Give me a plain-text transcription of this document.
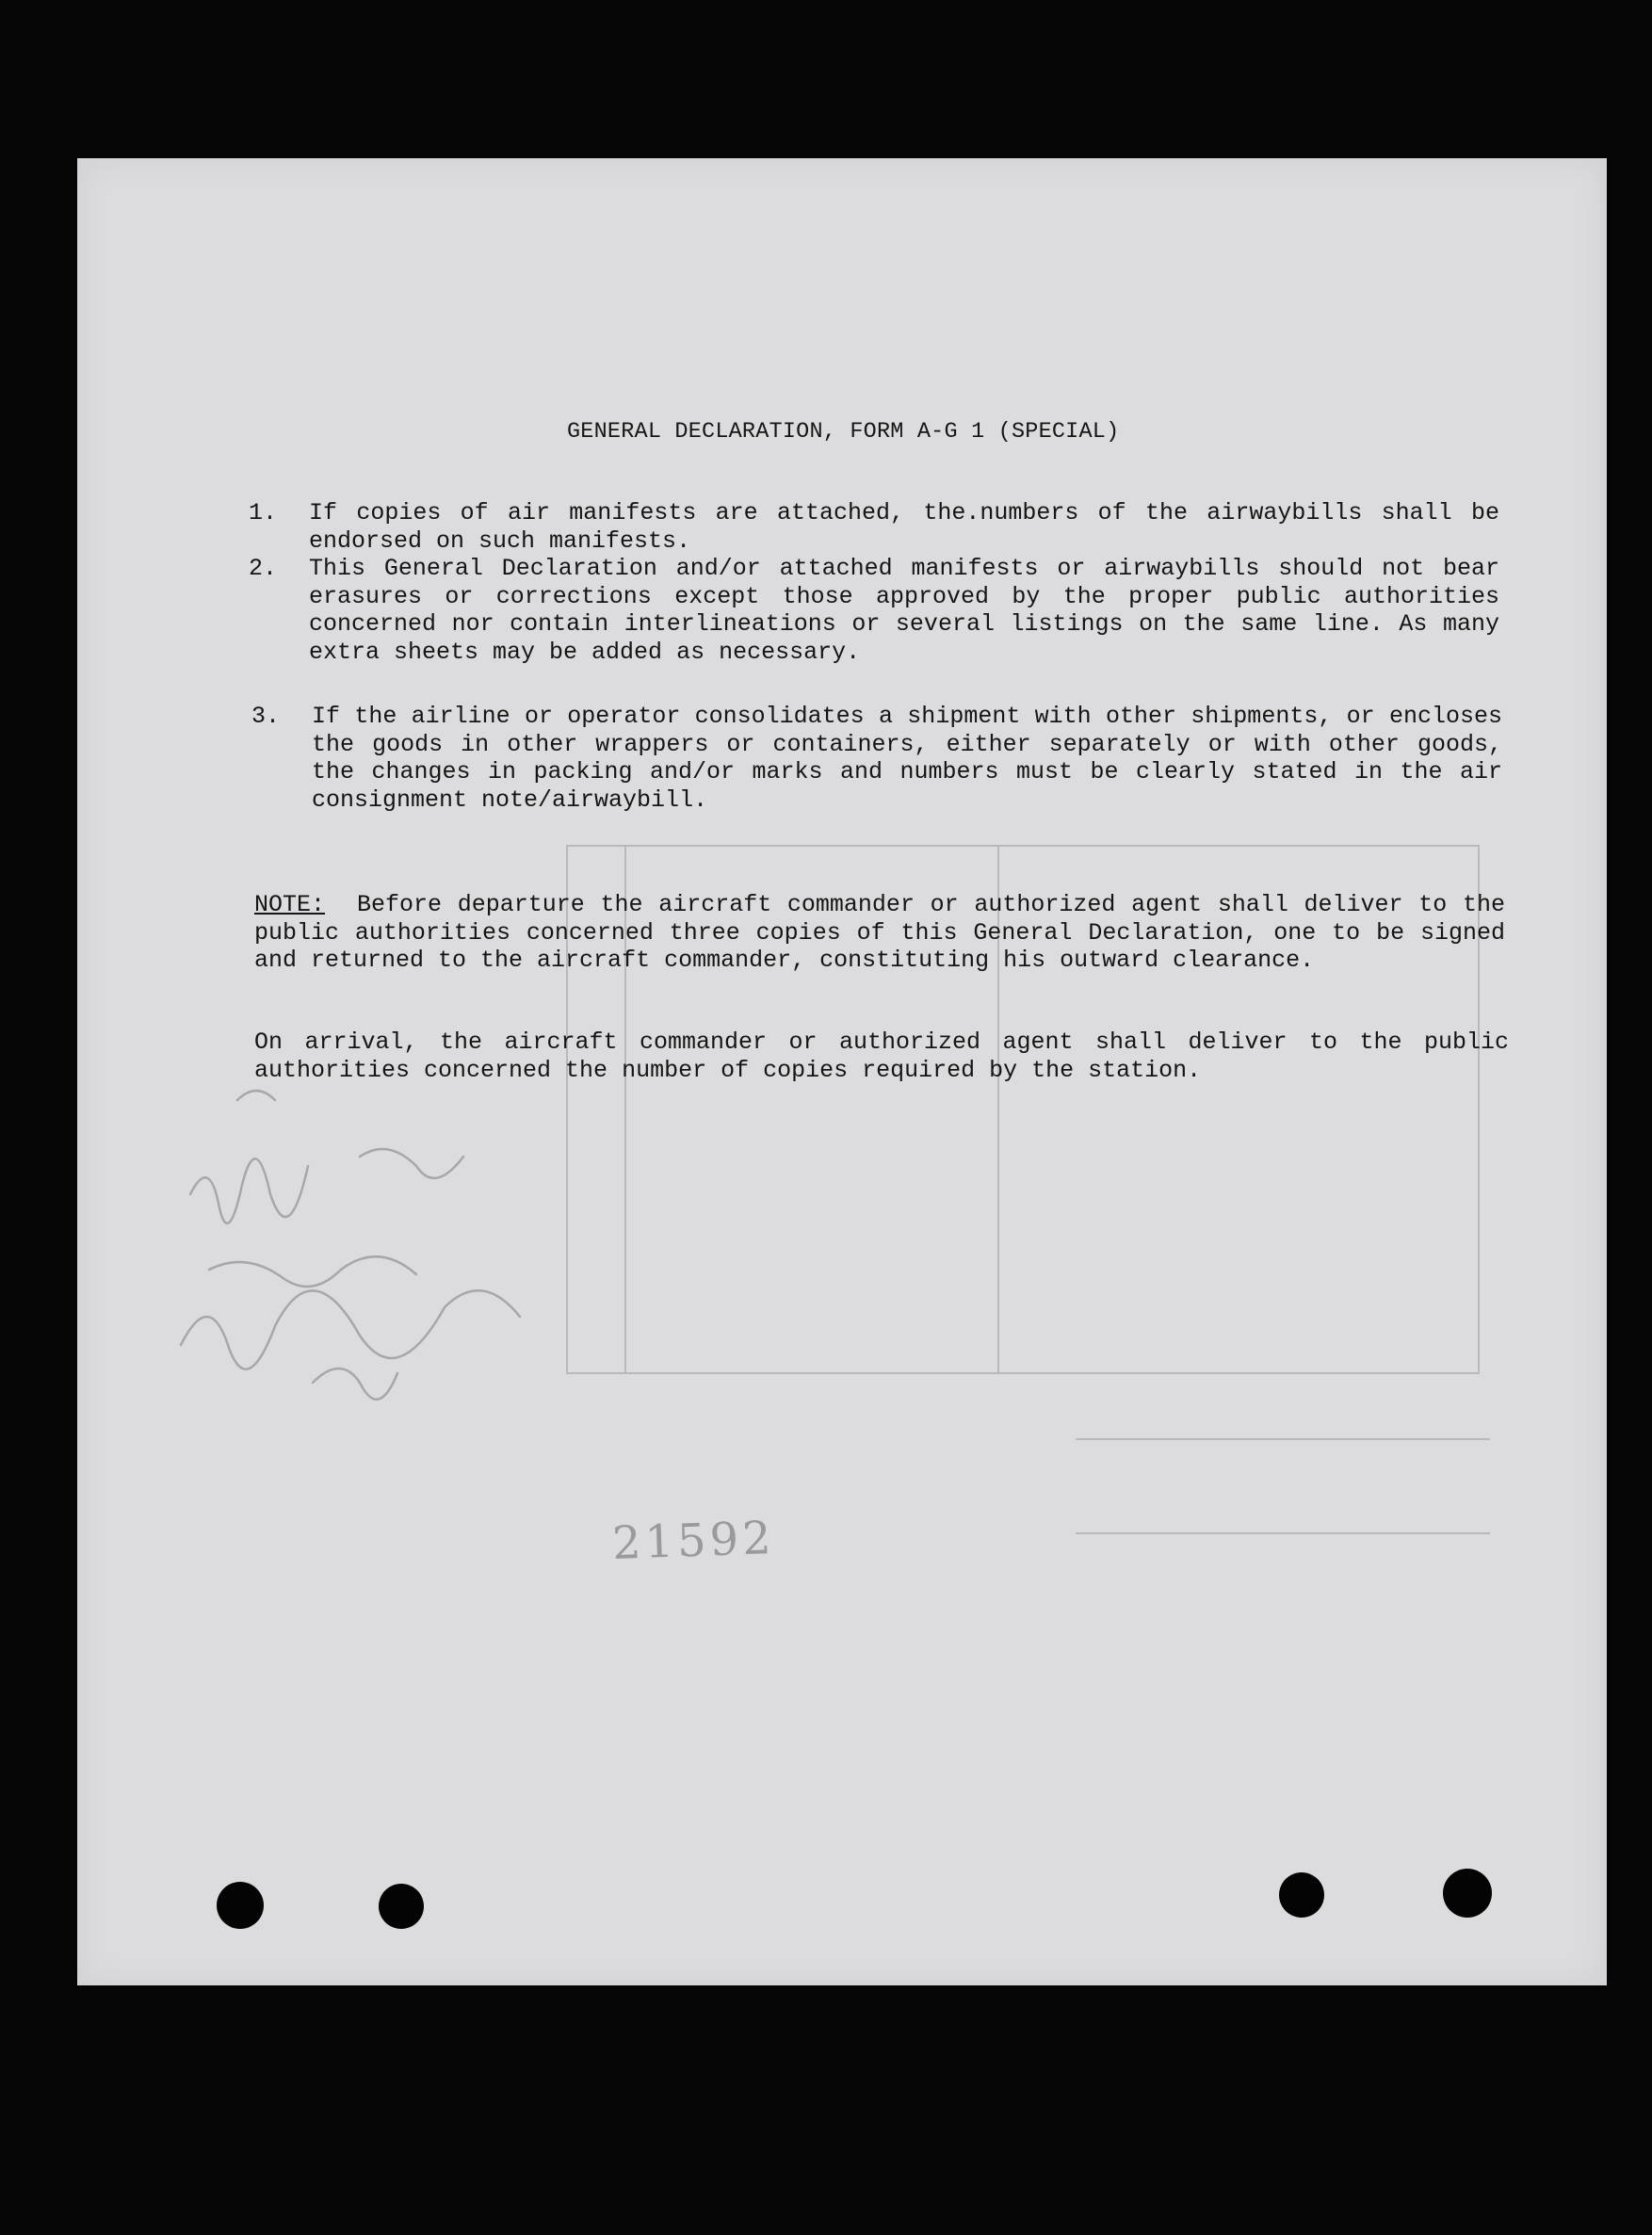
GENERAL DECLARATION, FORM A-G 1 (SPECIAL)
1. If copies of air manifests are attached, the.numbers of the airwaybills shall be endorsed on such manifests.
2. This General Declaration and/or attached manifests or airwaybills should not bear erasures or corrections except those approved by the proper public authorities concerned nor contain interlineations or several listings on the same line. As many extra sheets may be added as necessary.
3. If the airline or operator consolidates a shipment with other shipments, or encloses the goods in other wrappers or containers, either separately or with other goods, the changes in packing and/or marks and numbers must be clearly stated in the air consignment note/airwaybill.
NOTE: Before departure the aircraft commander or authorized agent shall deliver to the public authorities concerned three copies of this General Declaration, one to be signed and returned to the aircraft commander, constituting his outward clearance.
On arrival, the aircraft commander or authorized agent shall deliver to the public authorities concerned the number of copies required by the station.
21592
